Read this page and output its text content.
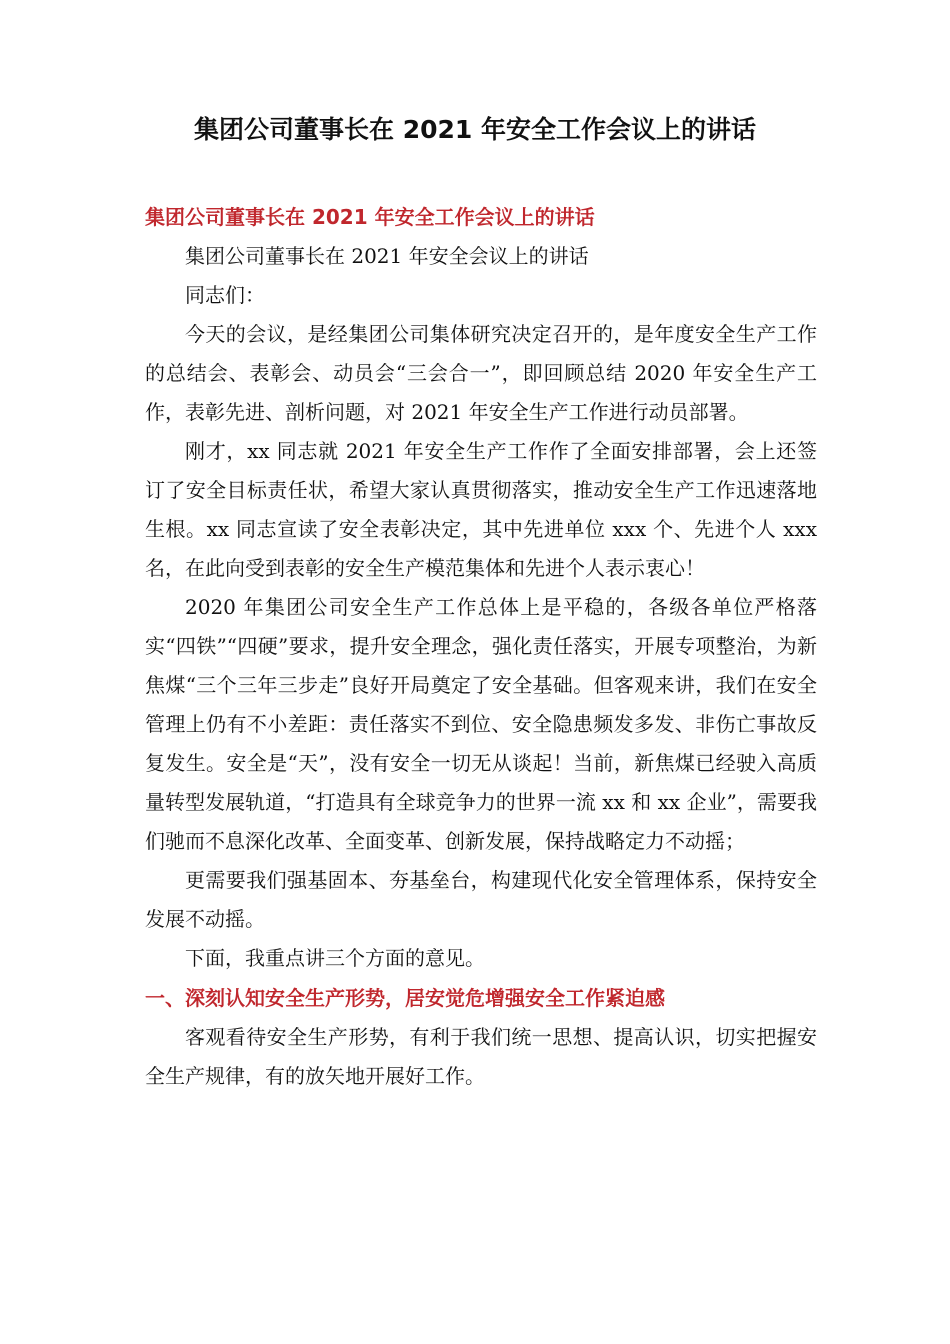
集团公司董事长在 2021 年安全工作会议上的讲话

集团公司董事长在 2021 年安全工作会议上的讲话

集团公司董事长在 2021 年安全会议上的讲话

同志们：

今天的会议，是经集团公司集体研究决定召开的，是年度安全生产工作的总结会、表彰会、动员会“三会合一”，即回顾总结 2020 年安全生产工作，表彰先进、剖析问题，对 2021 年安全生产工作进行动员部署。

刚才，xx 同志就 2021 年安全生产工作作了全面安排部署，会上还签订了安全目标责任状，希望大家认真贯彻落实，推动安全生产工作迅速落地生根。xx 同志宣读了安全表彰决定，其中先进单位 xxx 个、先进个人 xxx 名，在此向受到表彰的安全生产模范集体和先进个人表示衷心！

2020 年集团公司安全生产工作总体上是平稳的，各级各单位严格落实“四铁”“四硬”要求，提升安全理念，强化责任落实，开展专项整治，为新焦煤“三个三年三步走”良好开局奠定了安全基础。但客观来讲，我们在安全管理上仍有不小差距：责任落实不到位、安全隐患频发多发、非伤亡事故反复发生。安全是“天”，没有安全一切无从谈起！当前，新焦煤已经驶入高质量转型发展轨道，“打造具有全球竞争力的世界一流 xx 和 xx 企业”，需要我们驰而不息深化改革、全面变革、创新发展，保持战略定力不动摇；

更需要我们强基固本、夯基垒台，构建现代化安全管理体系，保持安全发展不动摇。

下面，我重点讲三个方面的意见。

一、深刻认知安全生产形势，居安觉危增强安全工作紧迫感

客观看待安全生产形势，有利于我们统一思想、提高认识，切实把握安全生产规律，有的放矢地开展好工作。
